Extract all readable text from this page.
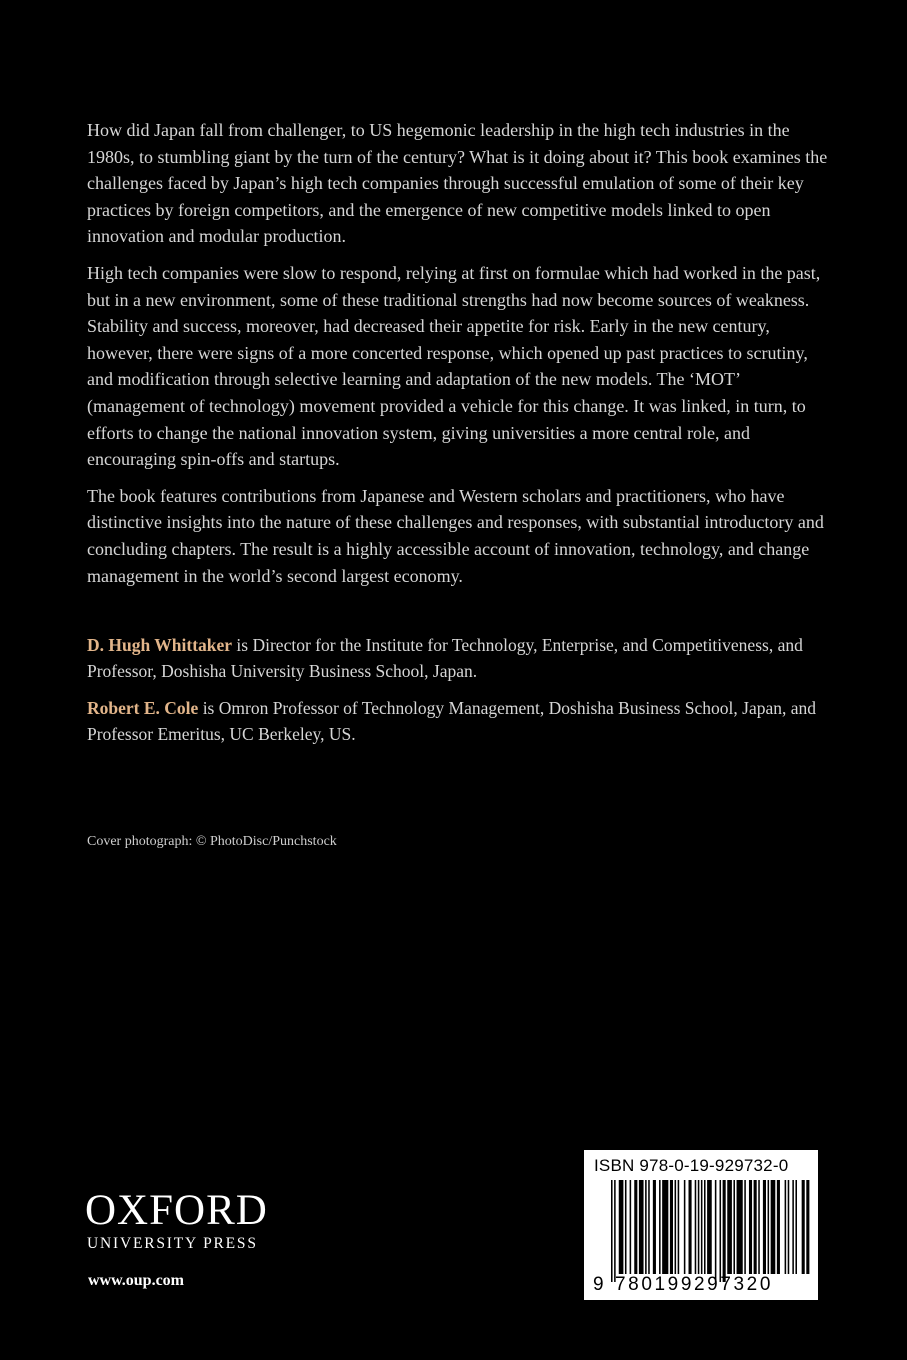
How did Japan fall from challenger, to US hegemonic leadership in the high tech industries in the 1980s, to stumbling giant by the turn of the century? What is it doing about it? This book examines the challenges faced by Japan’s high tech companies through successful emulation of some of their key practices by foreign competitors, and the emergence of new competitive models linked to open innovation and modular production.

High tech companies were slow to respond, relying at first on formulae which had worked in the past, but in a new environment, some of these traditional strengths had now become sources of weakness. Stability and success, moreover, had decreased their appetite for risk. Early in the new century, however, there were signs of a more concerted response, which opened up past practices to scrutiny, and modification through selective learning and adaptation of the new models. The ‘MOT’ (management of technology) movement provided a vehicle for this change. It was linked, in turn, to efforts to change the national innovation system, giving universities a more central role, and encouraging spin-offs and startups.

The book features contributions from Japanese and Western scholars and practitioners, who have distinctive insights into the nature of these challenges and responses, with substantial introductory and concluding chapters. The result is a highly accessible account of innovation, technology, and change management in the world’s second largest economy.

D. Hugh Whittaker is Director for the Institute for Technology, Enterprise, and Competitiveness, and Professor, Doshisha University Business School, Japan.

Robert E. Cole is Omron Professor of Technology Management, Doshisha Business School, Japan, and Professor Emeritus, UC Berkeley, US.

Cover photograph: © PhotoDisc/Punchstock
OXFORD
UNIVERSITY PRESS
www.oup.com
ISBN 978-0-19-929732-0
9 780199297320
